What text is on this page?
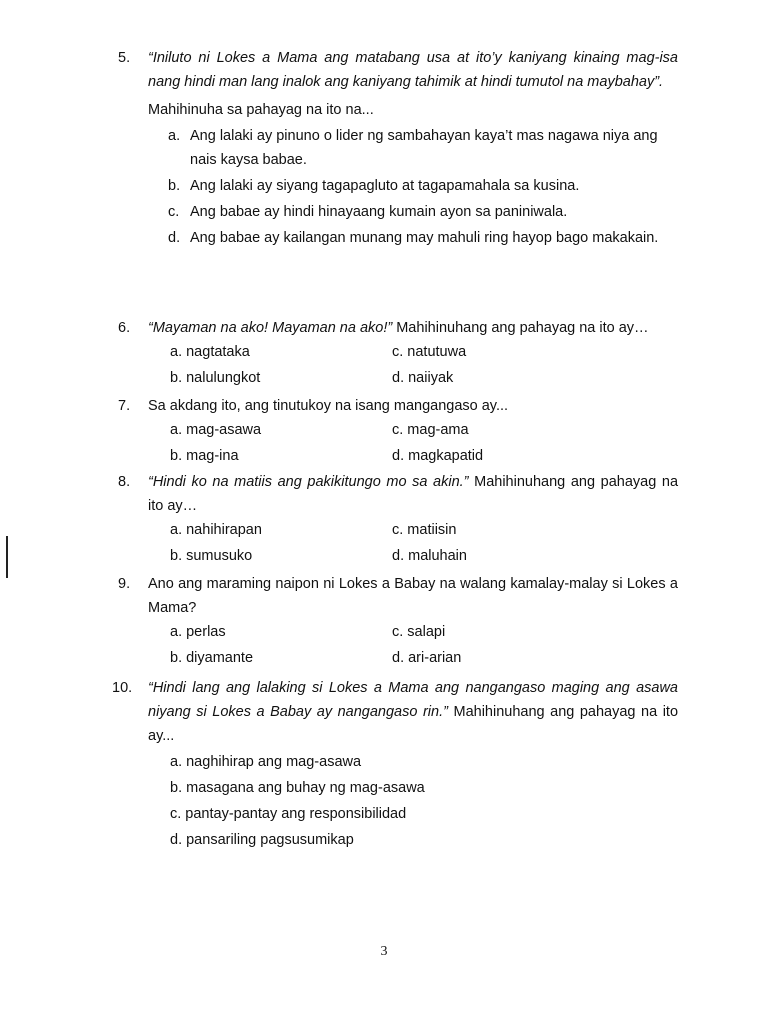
5.	“Iniluto ni Lokes a Mama ang matabang usa at ito’y kaniyang kinaing mag-isa nang hindi man lang inalok ang kaniyang tahimik at hindi tumutol na maybahay”.
Mahihinuha sa pahayag na ito na...
a. Ang lalaki ay pinuno o lider ng sambahayan kaya’t mas nagawa niya ang nais kaysa babae.
b. Ang lalaki ay siyang tagapagluto at tagapamahala sa kusina.
c. Ang babae ay hindi hinayaang kumain ayon sa paniniwala.
d. Ang babae ay kailangan munang may mahuli ring hayop bago makakain.
6.	“Mayaman na ako! Mayaman na ako!” Mahihinuhang ang pahayag na ito ay…
a. nagtataka	c. natutuwa
b. nalulungkot	d. naiiyak
7.	Sa akdang ito, ang tinutukoy na isang mangangaso ay...
a. mag-asawa	c. mag-ama
b. mag-ina	d. magkapatid
8.	“Hindi ko na matiis ang pakikitungo mo sa akin.” Mahihinuhang ang pahayag na ito ay…
a. nahihirapan	c. matiisin
b. sumusuko	d. maluhain
9.	Ano ang maraming naipon ni Lokes a Babay na walang kamalay-malay si Lokes a Mama?
a. perlas	c. salapi
b. diyamante	d. ari-arian
10.	“Hindi lang ang lalaking si Lokes a Mama ang nangangaso maging ang asawa niyang si Lokes a Babay ay nangangaso rin.” Mahihinuhang ang pahayag na ito ay...
a. naghihirap ang mag-asawa
b. masagana ang buhay ng mag-asawa
c. pantay-pantay ang responsibilidad
d. pansariling pagsusumikap
3
